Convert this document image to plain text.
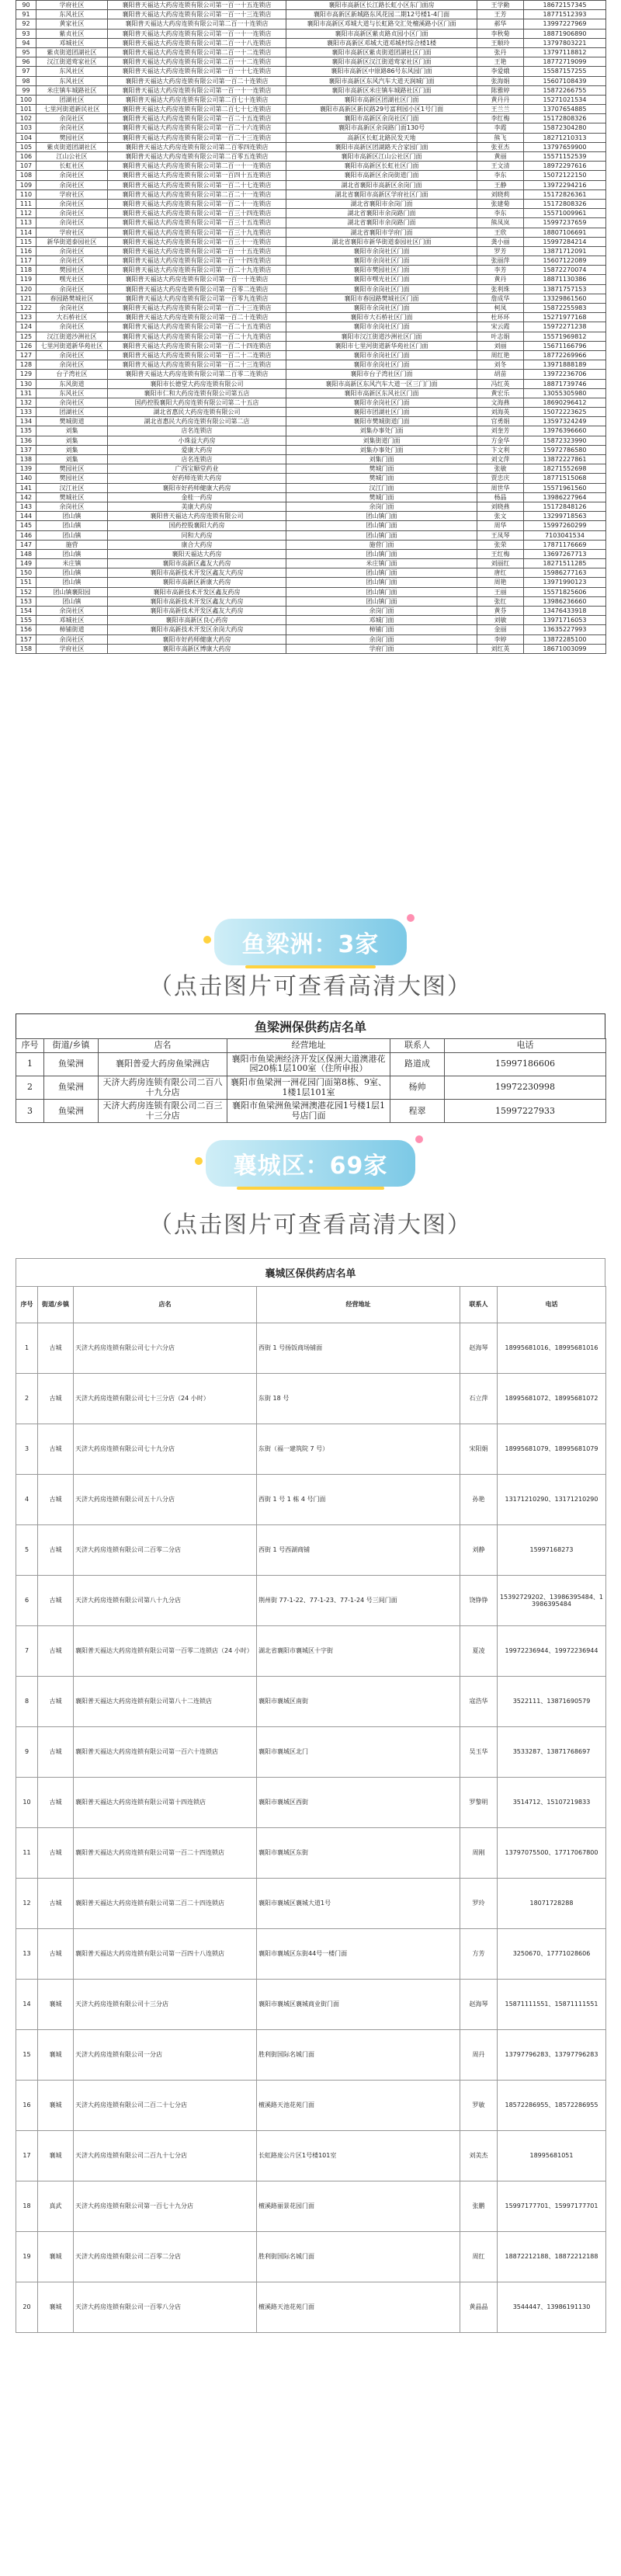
90	学府社区	襄阳普天福达大药房连锁有限公司第一百一十五连锁店	襄阳市高新区长江路长虹小区东门面房	王学勤	18672157345
91	东风社区	襄阳普天福达大药房连锁有限公司第一百一十三连锁店	襄阳市高新区新城路东风花园二期12号楼1-4门面	王芳	18771512393
92	黄家社区	襄阳普天福达大药房连锁有限公司第二百一十连锁店	襄阳市高新区邓城大道与长虹路交汇处檀溪路小区门面	郝华	13997227969
93	紫贞社区	襄阳普天福达大药房连锁有限公司第一百一十一连锁店	襄阳市高新区紫贞路贞园小区门面	李秋菊	18871906890
94	邓城社区	襄阳普天福达大药房连锁有限公司第二百一十八连锁店	襄阳市高新区邓城大道邓城村综合楼1楼	王顺玲	13797803221
95	紫贞街道团湖社区	襄阳普天福达大药房连锁有限公司第二百一十二连锁店	襄阳市高新区紫贞街道团湖社区门面	张丹	13797118812
96	汉江街道莺家社区	襄阳普天福达大药房连锁有限公司第二百一十二连锁店	襄阳市高新区汉江街道莺家社区门面	王艳	18772719099
97	东风社区	襄阳普天福达大药房连锁有限公司第一百一十七连锁店	襄阳市高新区中原路86号东风园门面	李爱娥	15587157255
98	东风社区	襄阳普天福达大药房连锁有限公司第一百二十连锁店	襄阳市高新区东风汽车大道天润城门面	张海娟	15607108439
99	米庄镇车城路社区	襄阳普天福达大药房连锁有限公司第一百一十一连锁店	襄阳市高新区米庄镇车城路社区门面	陈雅婷	15872266755
100	团湖社区	襄阳普天福达大药房连锁有限公司第二百七十连锁店	襄阳市高新区团湖社区门面	黄丹丹	15271021534
101	七里河街道新民社区	襄阳普天福达大药房连锁有限公司第二百七十七连锁店	襄阳市高新区新民路29号富利园小区1号门面	王兰兰	13707654885
102	余岗社区	襄阳普天福达大药房连锁有限公司第一百二十五连锁店	襄阳市高新区余岗社区门面	李红梅	15172808326
103	余岗社区	襄阳普天福达大药房连锁有限公司第一百二十六连锁店	襄阳市高新区余岗路门面130号	李霞	15872304280
104	樊园社区	襄阳普天福达大药房连锁有限公司第一百二十三连锁店	高新区长虹北路民发天地	熊飞	18271210313
105	紫贞街道团湖社区	襄阳普天福达大药房连锁有限公司第二百零四连锁店	襄阳市高新区团湖路天合家园门面	张亚杰	13797659900
106	江山公社区	襄阳普天福达大药房连锁有限公司第二百零五连锁店	襄阳市高新区江山公社区门面	黄丽	15571152539
107	长虹社区	襄阳普天福达大药房连锁有限公司第二百一十一连锁店	襄阳市高新区长虹社区门面	王文清	18972297616
108	余岗社区	襄阳普天福达大药房连锁有限公司第一百四十五连锁店	襄阳市高新区余岗街道门面	李东	15072122150
109	余岗社区	襄阳普天福达大药房连锁有限公司第一百二十七连锁店	湖北省襄阳市高新区余岗门面	王静	13972294216
110	学府社区	襄阳普天福达大药房连锁有限公司第二百二十一连锁店	湖北省襄阳市高新区学府社区门面	刘晓莉	15172826361
111	余岗社区	襄阳普天福达大药房连锁有限公司第一百二十一连锁店	湖北省襄阳市余岗门面	张建菊	15172808326
112	余岗社区	襄阳普天福达大药房连锁有限公司第一百三十四连锁店	湖北省襄阳市余岗路门面	李东	15571009961
113	余岗社区	襄阳普天福达大药房连锁有限公司第一百三十五连锁店	湖北省襄阳市余岗路门面	熊凤岚	15997237659
114	学府社区	襄阳普天福达大药房连锁有限公司第一百三十九连锁店	湖北省襄阳市学府门面	王欣	18807106691
115	新华街道泰园社区	襄阳普天福达大药房连锁有限公司第一百三十一连锁店	湖北省襄阳市新华街道泰园社区门面	龚小丽	15997284214
116	余岗社区	襄阳普天福达大药房连锁有限公司第一百一十五连锁店	襄阳市余岗社区门面	罗芳	13871712091
117	余岗社区	襄阳普天福达大药房连锁有限公司第一百一十四连锁店	襄阳市余岗社区门面	张丽萍	15607122089
118	樊园社区	襄阳普天福达大药房连锁有限公司第一百二十九连锁店	襄阳市樊园社区门面	李芳	15872270074
119	嘿光社区	襄阳普天福达大药房连锁有限公司第一百一十连锁店	襄阳市嘿光社区门面	黄丹	18871130386
120	余岗社区	襄阳普天福达大药房连锁有限公司第一百零二连锁店	襄阳市余岗社区门面	张利珠	13871757153
121	春园路樊城社区	襄阳普天福达大药房连锁有限公司第一百零九连锁店	襄阳市春园路樊城社区门面	詹成华	13329861560
122	余岗社区	襄阳普天福达大药房连锁有限公司第一百二十三连锁店	襄阳市余岗社区门面	柯凤	15872255983
123	大石桥社区	襄阳普天福达大药房连锁有限公司第一百二十连锁店	襄阳市大石桥社区门面	杜环环	15271977168
124	余岗社区	襄阳普天福达大药房连锁有限公司第一百二十五连锁店	襄阳市余岗社区门面	宋云霞	15972271238
125	汉江街道沙洲社区	襄阳普天福达大药房连锁有限公司第一百二十九连锁店	襄阳市汉江街道沙洲社区门面	叶志娟	15571969812
126	七里河街道新华苑社区	襄阳普天福达大药房连锁有限公司第一百二十四连锁店	襄阳市七里河街道新华苑社区门面	刘丽	15671166796
127	余岗社区	襄阳普天福达大药房连锁有限公司第一百二十二连锁店	襄阳市余岗社区门面	周红艳	18772269966
128	余岗社区	襄阳普天福达大药房连锁有限公司第一百二十三连锁店	襄阳市余岗社区门面	刘冬	13971888189
129	台子湾社区	襄阳普天福达大药房连锁有限公司第二百零二连锁店	襄阳市台子湾社区门面	胡苗	13972236706
130	东风街道	襄阳市长德堂大药房连锁有限公司	襄阳市高新区东风汽车大道一区三门门面	冯红英	18871739746
131	东风社区	襄阳市仁和大药房连锁有限公司第五店	襄阳市高新区东风社区门面	黄宏乐	13055305980
132	余岗社区	国药控股襄阳大药房连锁有限公司第二十五店	襄阳市余岗社区门面	文海燕	18690296412
133	团湖社区	湖北省惠民大药房连锁有限公司	襄阳市团湖社区门面	刘海英	15072223625
134	樊城街道	湖北省惠民大药房连锁有限公司第二店	襄阳市樊城街道门面	官勇娟	13597324249
135	刘集	店名连锁店	刘集办事处门面	刘奎芳	13976396660
136	刘集	小珠益大药房	刘集街道门面	方金华	15872323990
137	刘集	爱康大药房	刘集办事处门面	卞文利	15972786580
138	刘集	店名连锁店	刘集门面	刘文萍	13872227861
139	樊园社区	广西宝顺堂药业	樊城门面	张敏	18271552698
140	樊园社区	好药师连锁大药房	樊城门面	贾忠庆	18771515068
141	汉江社区	襄阳市好药师健康大药房	汉江门面	周世华	15571961560
142	樊城社区	金桂一药房	樊城门面	杨晶	13986227964
143	余岗社区	美康大药房	余岗门面	刘晓燕	15172848126
144	团山镇	襄阳普天福达大药房连锁有限公司	团山镇门面	张文	13299718563
145	团山镇	国药控股襄阳大药房	团山镇门面	周华	15997260299
146	团山镇	同和大药房	团山镇门面	王凤琴	7103041534
147	施营	康合大药房	施营门面	张荣	17871176669
148	团山镇	襄阳天福达大药房	团山镇门面	王红梅	13697267713
149	米庄镇	襄阳市高新区鑫友大药房	米庄镇门面	刘丽红	18271511285
150	团山镇	襄阳市高新技术开发区鑫友大药房	团山镇门面	唐红	15986277163
151	团山镇	襄阳市高新区新康大药房	团山镇门面	周艳	13971990123
152	团山镇襄阳园	襄阳市高新技术开发区鑫友药房	团山镇门面	王丽	15571825606
153	团山镇	襄阳市高新技术开发区鑫友大药房	团山镇门面	张红	13986236660
154	余岗社区	襄阳市高新技术开发区鑫友大药房	余岗门面	黄芬	13476433918
155	邓城社区	襄阳市高新区良心药房	邓城门面	刘敏	13971716053
156	柿铺街道	襄阳市高新技术开发区余岗大药房	柿铺门面	金丽	13635227993
157	余岗社区	襄阳市好药师健康大药房	余岗门面	李婷	13872285100
158	学府社区	襄阳市高新区博康大药房	学府门面	刘红英	18671003099
鱼梁洲：3家
（点击图片可查看高清大图）
鱼梁洲保供药店名单
序号	街道/乡镇	店名	经营地址	联系人	电话
1	鱼梁洲	襄阳普爱大药房鱼梁洲店	襄阳市鱼梁洲经济开发区保洲大道澳港花园20栋1层100室（住所申报）	路道成	15997186606
2	鱼梁洲	天济大药房连锁有限公司二百八十九分店	襄阳市鱼梁洲一洲花园门面第8栋、9室、1楼1层101室	杨帅	19972230998
3	鱼梁洲	天济大药房连锁有限公司二百三十三分店	襄阳市鱼梁洲鱼梁洲澳港花园1号楼1层1号店门面	程翠	15997227933
襄城区：69家
（点击图片可查看高清大图）
襄城区保供药店名单
序号	街道/乡镇	店名	经营地址	联系人	电话
1	古城	天济大药房连锁有限公司七十六分店	西街 1 号扬饭商场铺面	赵海琴	18995681016、18995681016
2	古城	天济大药房连锁有限公司七十三分店（24 小时）	东街 18 号	石立萍	18995681072、18995681072
3	古城	天济大药房连锁有限公司七十九分店	东街（福一建筑院 7 号）	宋阳娟	18995681079、18995681079
4	古城	天济大药房连锁有限公司五十八分店	西街 1 号 1 栋 4 号门面	孙艳	13171210290、13171210290
5	古城	天济大药房连锁有限公司二百零二分店	西街 1 号西湖商铺	刘静	15997168273
6	古城	天济大药房连锁有限公司第八十九分店	荆州街 77-1-22、77-1-23、77-1-24 号三间门面	饶铮铮	15392729202、13986395484、13986395484
7	古城	襄阳普天福达大药房连锁有限公司第一百零二连锁店（24 小时）	湖北省襄阳市襄城区十字街	夏凌	19972236944、19972236944
8	古城	襄阳普天福达大药房连锁有限公司第八十二连锁店	襄阳市襄城区南街	寇浩华	3522111、13871690579
9	古城	襄阳普天福达大药房连锁有限公司第一百六十连锁店	襄阳市襄城区北门	吴玉华	3533287、13871768697
10	古城	襄阳普天福达大药房连锁有限公司第十四连锁店	襄阳市襄城区西街	罗黎明	3514712、15107219833
11	古城	襄阳普天福达大药房连锁有限公司第一百二十四连锁店	襄阳市襄城区东街	周刚	13797075500、17717067800
12	古城	襄阳普天福达大药房连锁有限公司第二百二十四连锁店	襄阳市襄城区襄城大道1号	罗玲	18071728288
13	古城	襄阳普天福达大药房连锁有限公司第一百四十八连锁店	襄阳市襄城区东街44号一楼门面	方芳	3250670、17771028606
14	襄城	天济大药房连锁有限公司十三分店	襄阳市襄城区襄城商业街门面	赵海琴	15871111551、15871111551
15	襄城	天济大药房连锁有限公司一分店	胜利街国际名城门面	周丹	13797796283、13797796283
16	襄城	天济大药房连锁有限公司二百二十七分店	檀溪路天池花苑门面	罗敏	18572286955、18572286955
17	襄城	天济大药房连锁有限公司二百九十七分店	长虹路庞公片区1号楼101室	刘美杰	18995681051
18	真武	天济大药房连锁有限公司第一百七十九分店	檀溪路丽景花园门面	张鹏	15997177701、15997177701
19	襄城	天济大药房连锁有限公司二百零二分店	胜利街国际名城门面	周红	18872212188、18872212188
20	襄城	天济大药房连锁有限公司一百零八分店	檀溪路天池花苑门面	黄晶晶	3544447、13986191130
